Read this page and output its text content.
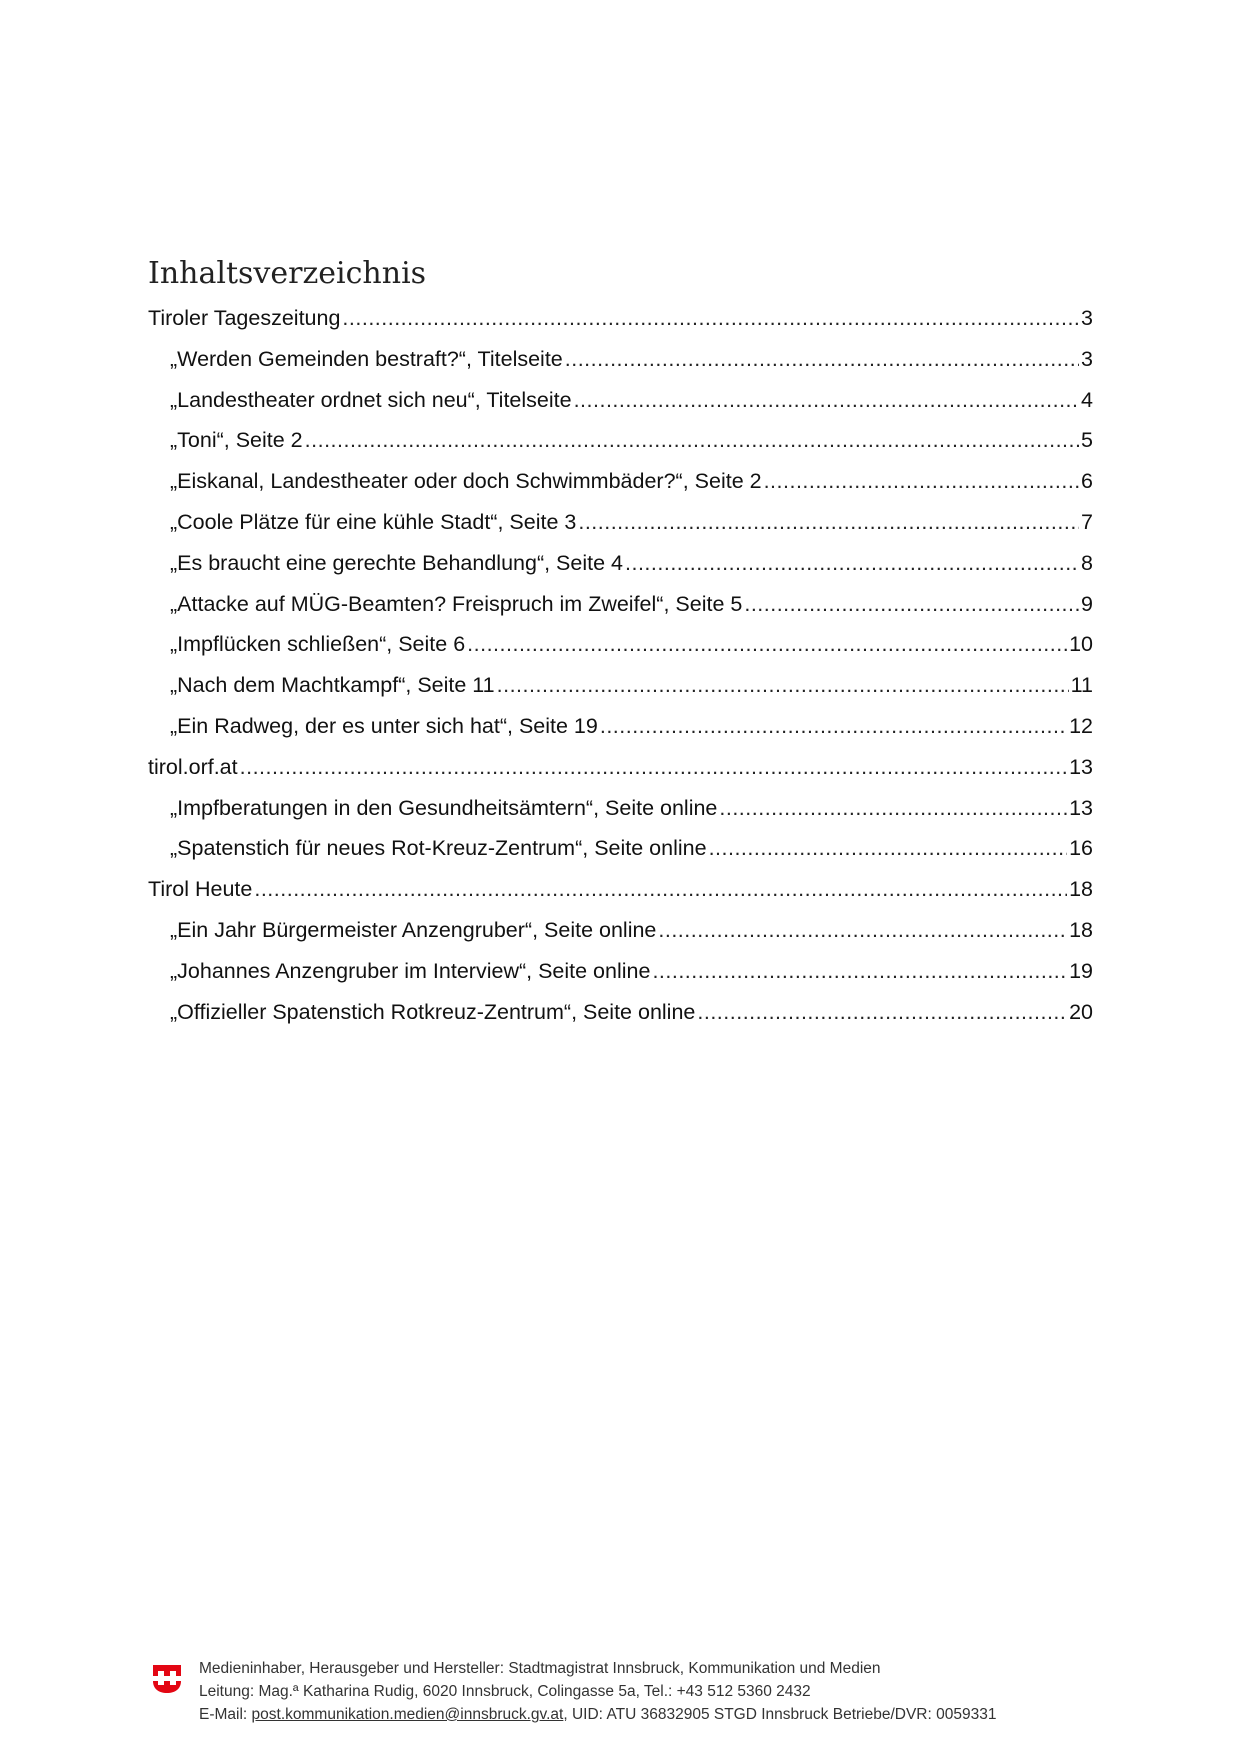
Inhaltsverzeichnis
Tiroler Tageszeitung .....	3
„Werden Gemeinden bestraft?“, Titelseite .....	3
„Landestheater ordnet sich neu“, Titelseite .....	4
„Toni“, Seite 2 .....	5
„Eiskanal, Landestheater oder doch Schwimmbäder?“, Seite 2 .....	6
„Coole Plätze für eine kühle Stadt“, Seite 3 .....	7
„Es braucht eine gerechte Behandlung“, Seite 4 .....	8
„Attacke auf MÜG-Beamten? Freispruch im Zweifel“, Seite 5 .....	9
„Impflücken schließen“, Seite 6 .....	10
„Nach dem Machtkampf“, Seite 11 .....	11
„Ein Radweg, der es unter sich hat“, Seite 19 .....	12
tirol.orf.at .....	13
„Impfberatungen in den Gesundheitsämtern“, Seite online .....	13
„Spatenstich für neues Rot-Kreuz-Zentrum“, Seite online .....	16
Tirol Heute .....	18
„Ein Jahr Bürgermeister Anzengruber“, Seite online .....	18
„Johannes Anzengruber im Interview“, Seite online .....	19
„Offizieller Spatenstich Rotkreuz-Zentrum“, Seite online .....	20
Medieninhaber, Herausgeber und Hersteller: Stadtmagistrat Innsbruck, Kommunikation und Medien
Leitung: Mag.ª Katharina Rudig, 6020 Innsbruck, Colingasse 5a, Tel.: +43 512 5360 2432
E-Mail: post.kommunikation.medien@innsbruck.gv.at, UID: ATU 36832905 STGD Innsbruck Betriebe/DVR: 0059331
